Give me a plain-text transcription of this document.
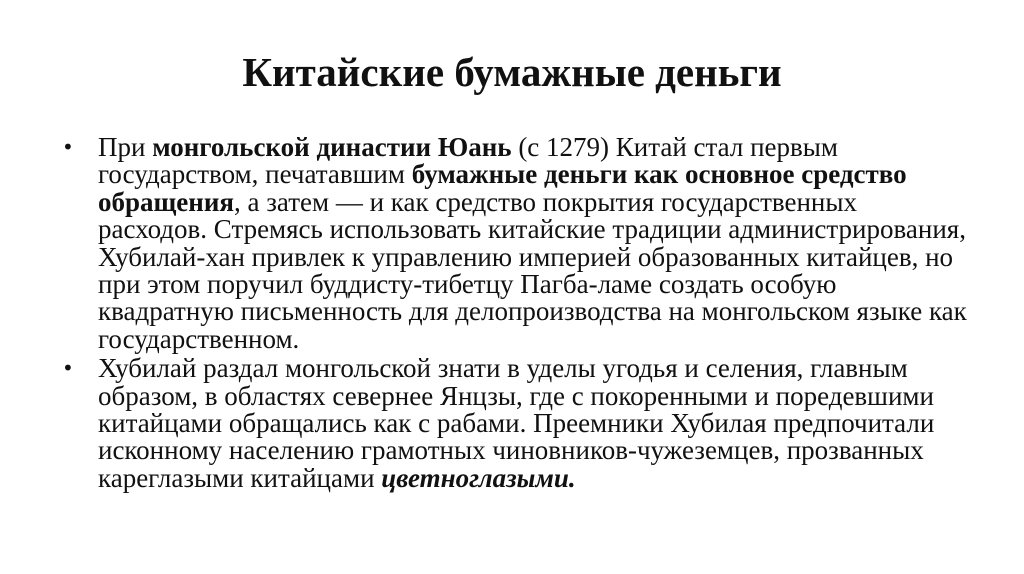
Китайские бумажные деньги
• При монгольской династии Юань (с 1279) Китай стал первым государством, печатавшим бумажные деньги как основное средство обращения, а затем — и как средство покрытия государственных расходов. Стремясь использовать китайские традиции администрирования, Хубилай-хан привлек к управлению империей образованных китайцев, но при этом поручил буддисту-тибетцу Пагба-ламе создать особую квадратную письменность для делопроизводства на монгольском языке как государственном.
• Хубилай раздал монгольской знати в уделы угодья и селения, главным образом, в областях севернее Янцзы, где с покоренными и поредевшими китайцами обращались как с рабами. Преемники Хубилая предпочитали исконному населению грамотных чиновников-чужеземцев, прозванных кареглазыми китайцами цветноглазыми.
